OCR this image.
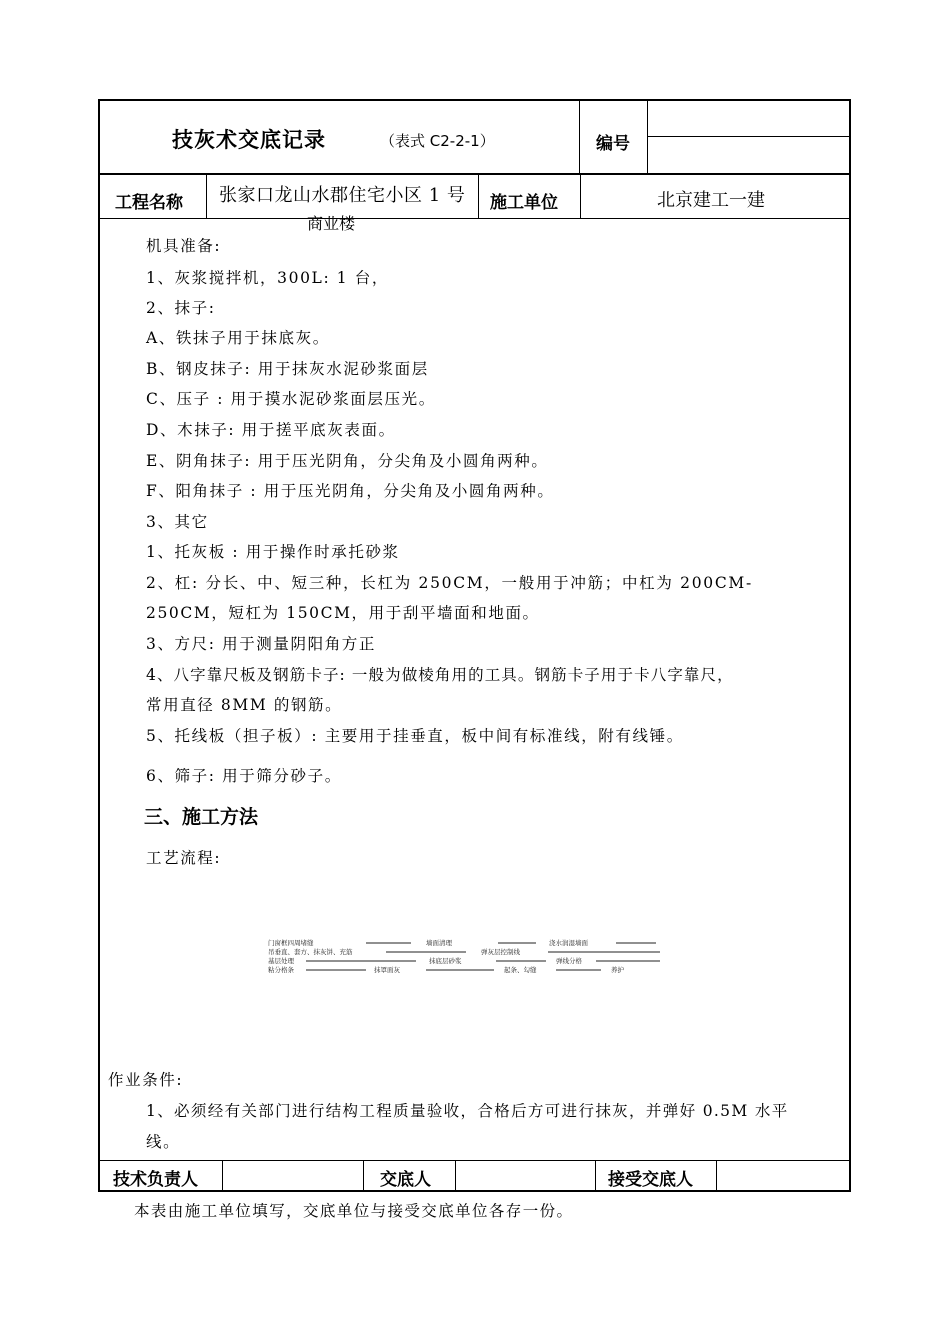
技灰术交底记录	（表式 C2-2-1）	编号
工程名称 张家口龙山水郡住宅小区 1 号
商业楼
施工单位	北京建工一建
机具准备:
1、灰浆搅拌机，300L: 1 台，
2、抹子:
A、铁抹子用于抹底灰。
B、钢皮抹子: 用于抹灰水泥砂浆面层
C、压子 : 用于摸水泥砂浆面层压光。
D、木抹子: 用于搓平底灰表面。
E、阴角抹子: 用于压光阴角，分尖角及小圆角两种。
F、阳角抹子 : 用于压光阴角，分尖角及小圆角两种。
3、其它
1、托灰板 : 用于操作时承托砂浆
2、杠: 分长、中、短三种，长杠为 250CM，一般用于冲筋；中杠为 200CM-
250CM，短杠为 150CM，用于刮平墙面和地面。
3、方尺: 用于测量阴阳角方正
4、八字靠尺板及钢筋卡子: 一般为做棱角用的工具。钢筋卡子用于卡八字靠尺，
常用直径 8MM 的钢筋。
5、托线板（担子板）: 主要用于挂垂直，板中间有标准线，附有线锤。
6、筛子: 用于筛分砂子。
三、施工方法
工艺流程:
门窗框四周堵缝	墙面清理	浇水润湿墙面
吊垂直、套方、抹灰饼、充筋	弹灰层控制线
基层处理	抹底层砂浆	弹线分格
粘分格条	抹罩面灰	起条、勾缝	养护
作业条件:
1、必须经有关部门进行结构工程质量验收，合格后方可进行抹灰，并弹好 0.5M 水平
线。
技术负责人	交底人	接受交底人
本表由施工单位填写，交底单位与接受交底单位各存一份。
